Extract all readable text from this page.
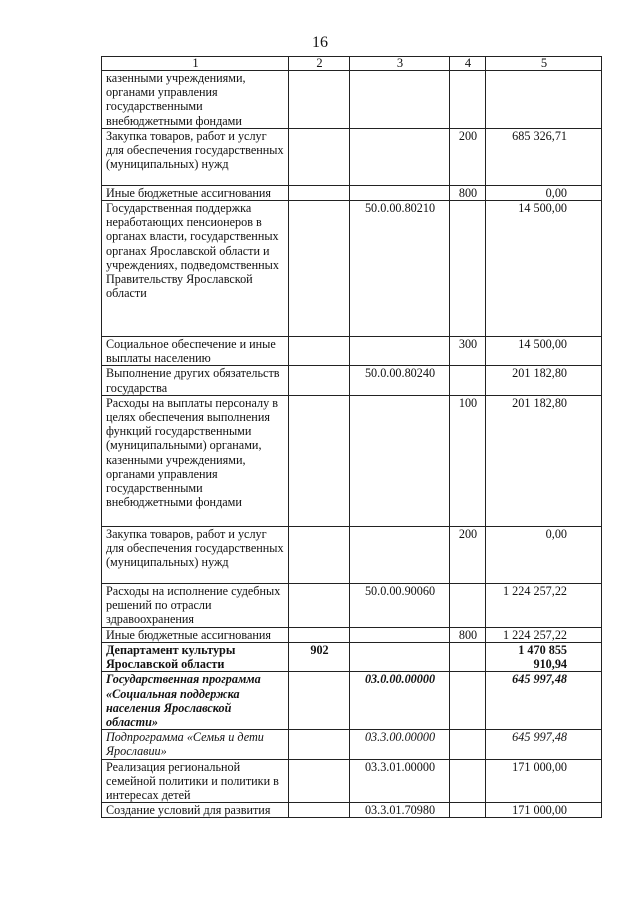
16
1	2	3	4	5
казенными учреждениями, органами управления государственными внебюджетными фондами				
Закупка товаров, работ и услуг для обеспечения государственных (муниципальных) нужд			200	685 326,71
Иные бюджетные ассигнования			800	0,00
Государственная поддержка неработающих пенсионеров в органах власти, государственных органах Ярославской области и учреждениях, подведомственных Правительству Ярославской области		50.0.00.80210		14 500,00
Социальное обеспечение и иные выплаты населению			300	14 500,00
Выполнение других обязательств государства		50.0.00.80240		201 182,80
Расходы на выплаты персоналу в целях обеспечения выполнения функций государственными (муниципальными) органами, казенными учреждениями, органами управления государственными внебюджетными фондами			100	201 182,80
Закупка товаров, работ и услуг для обеспечения государственных (муниципальных) нужд			200	0,00
Расходы на исполнение судебных решений по отрасли здравоохранения		50.0.00.90060		1 224 257,22
Иные бюджетные ассигнования			800	1 224 257,22
Департамент культуры Ярославской области	902			1 470 855 910,94
Государственная программа «Социальная поддержка населения Ярославской области»		03.0.00.00000		645 997,48
Подпрограмма «Семья и дети Ярославии»		03.3.00.00000		645 997,48
Реализация региональной семейной политики и политики в интересах детей		03.3.01.00000		171 000,00
Создание условий для развития		03.3.01.70980		171 000,00
